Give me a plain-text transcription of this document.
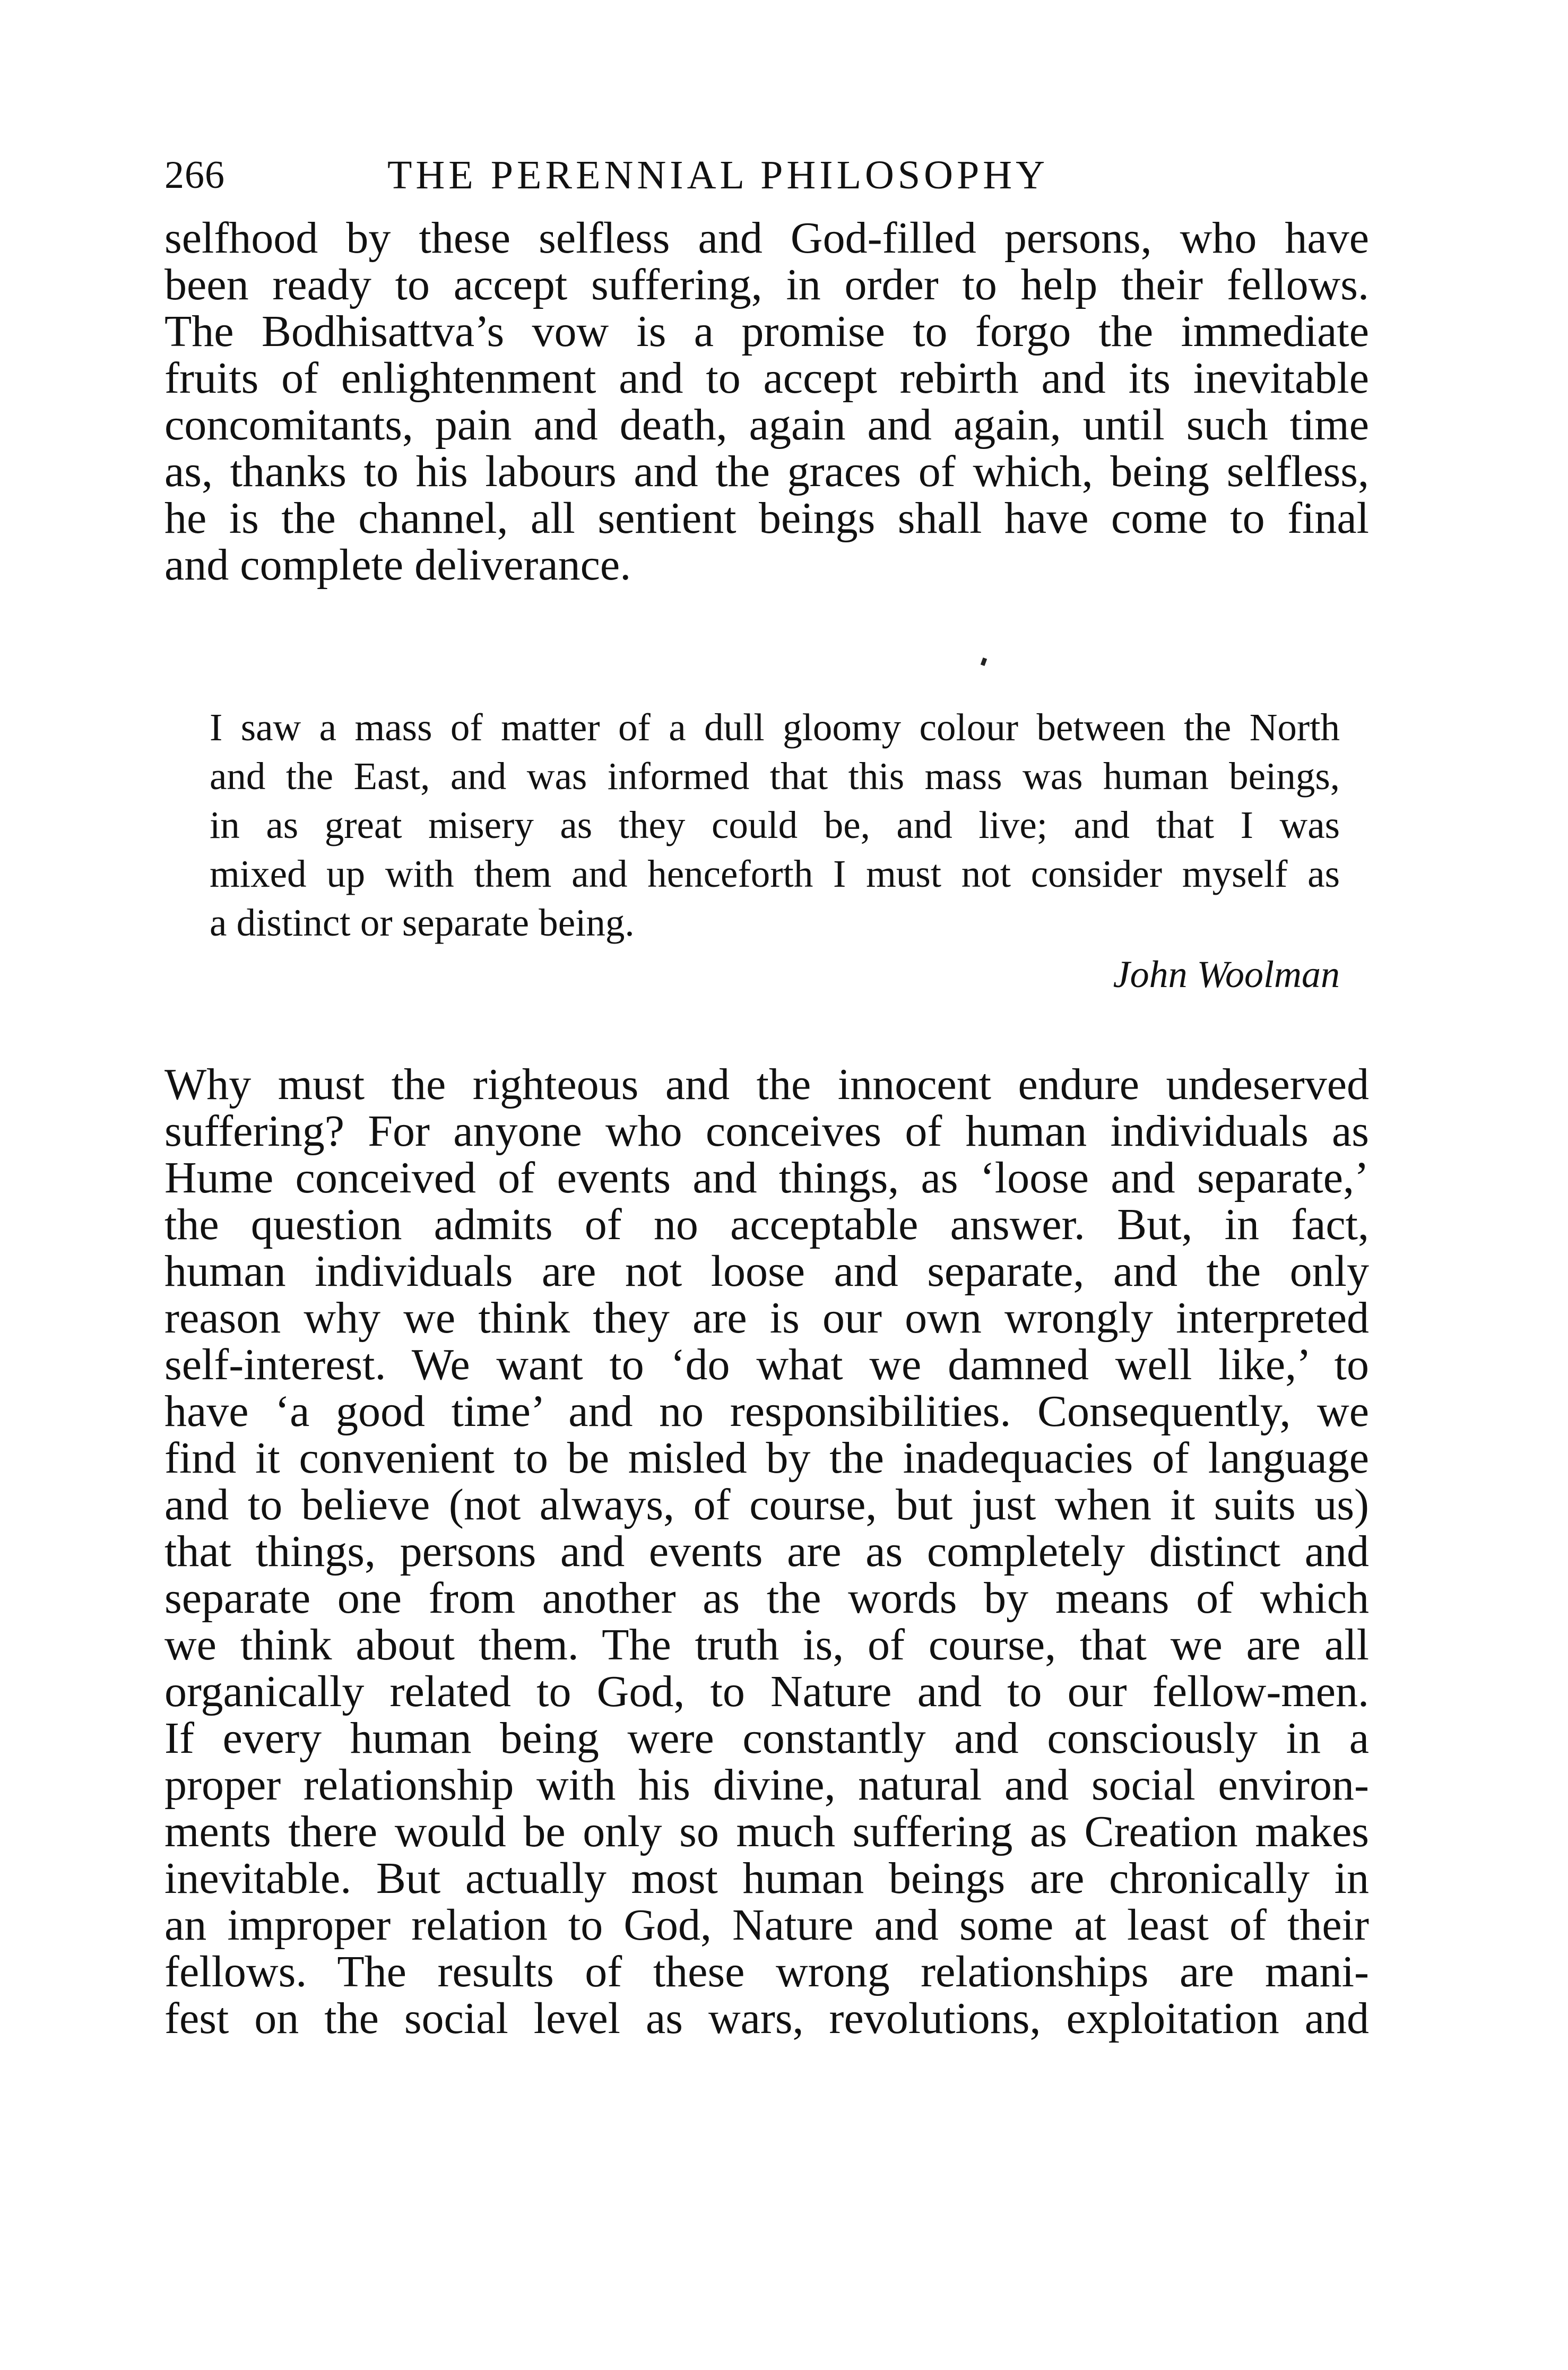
266	THE PERENNIAL PHILOSOPHY
selfhood by these selfless and God-filled persons, who have
been ready to accept suffering, in order to help their fellows.
The Bodhisattva’s vow is a promise to forgo the immediate
fruits of enlightenment and to accept rebirth and its inevitable
concomitants, pain and death, again and again, until such time
as, thanks to his labours and the graces of which, being selfless,
he is the channel, all sentient beings shall have come to final
and complete deliverance.
I saw a mass of matter of a dull gloomy colour between the North
and the East, and was informed that this mass was human beings,
in as great misery as they could be, and live; and that I was
mixed up with them and henceforth I must not consider myself as
a distinct or separate being.
John Woolman
Why must the righteous and the innocent endure undeserved
suffering? For anyone who conceives of human individuals as
Hume conceived of events and things, as ‘loose and separate,’
the question admits of no acceptable answer. But, in fact,
human individuals are not loose and separate, and the only
reason why we think they are is our own wrongly interpreted
self-interest. We want to ‘do what we damned well like,’ to
have ‘a good time’ and no responsibilities. Consequently, we
find it convenient to be misled by the inadequacies of language
and to believe (not always, of course, but just when it suits us)
that things, persons and events are as completely distinct and
separate one from another as the words by means of which
we think about them. The truth is, of course, that we are all
organically related to God, to Nature and to our fellow-men.
If every human being were constantly and consciously in a
proper relationship with his divine, natural and social environ-
ments there would be only so much suffering as Creation makes
inevitable. But actually most human beings are chronically in
an improper relation to God, Nature and some at least of their
fellows. The results of these wrong relationships are mani-
fest on the social level as wars, revolutions, exploitation and
